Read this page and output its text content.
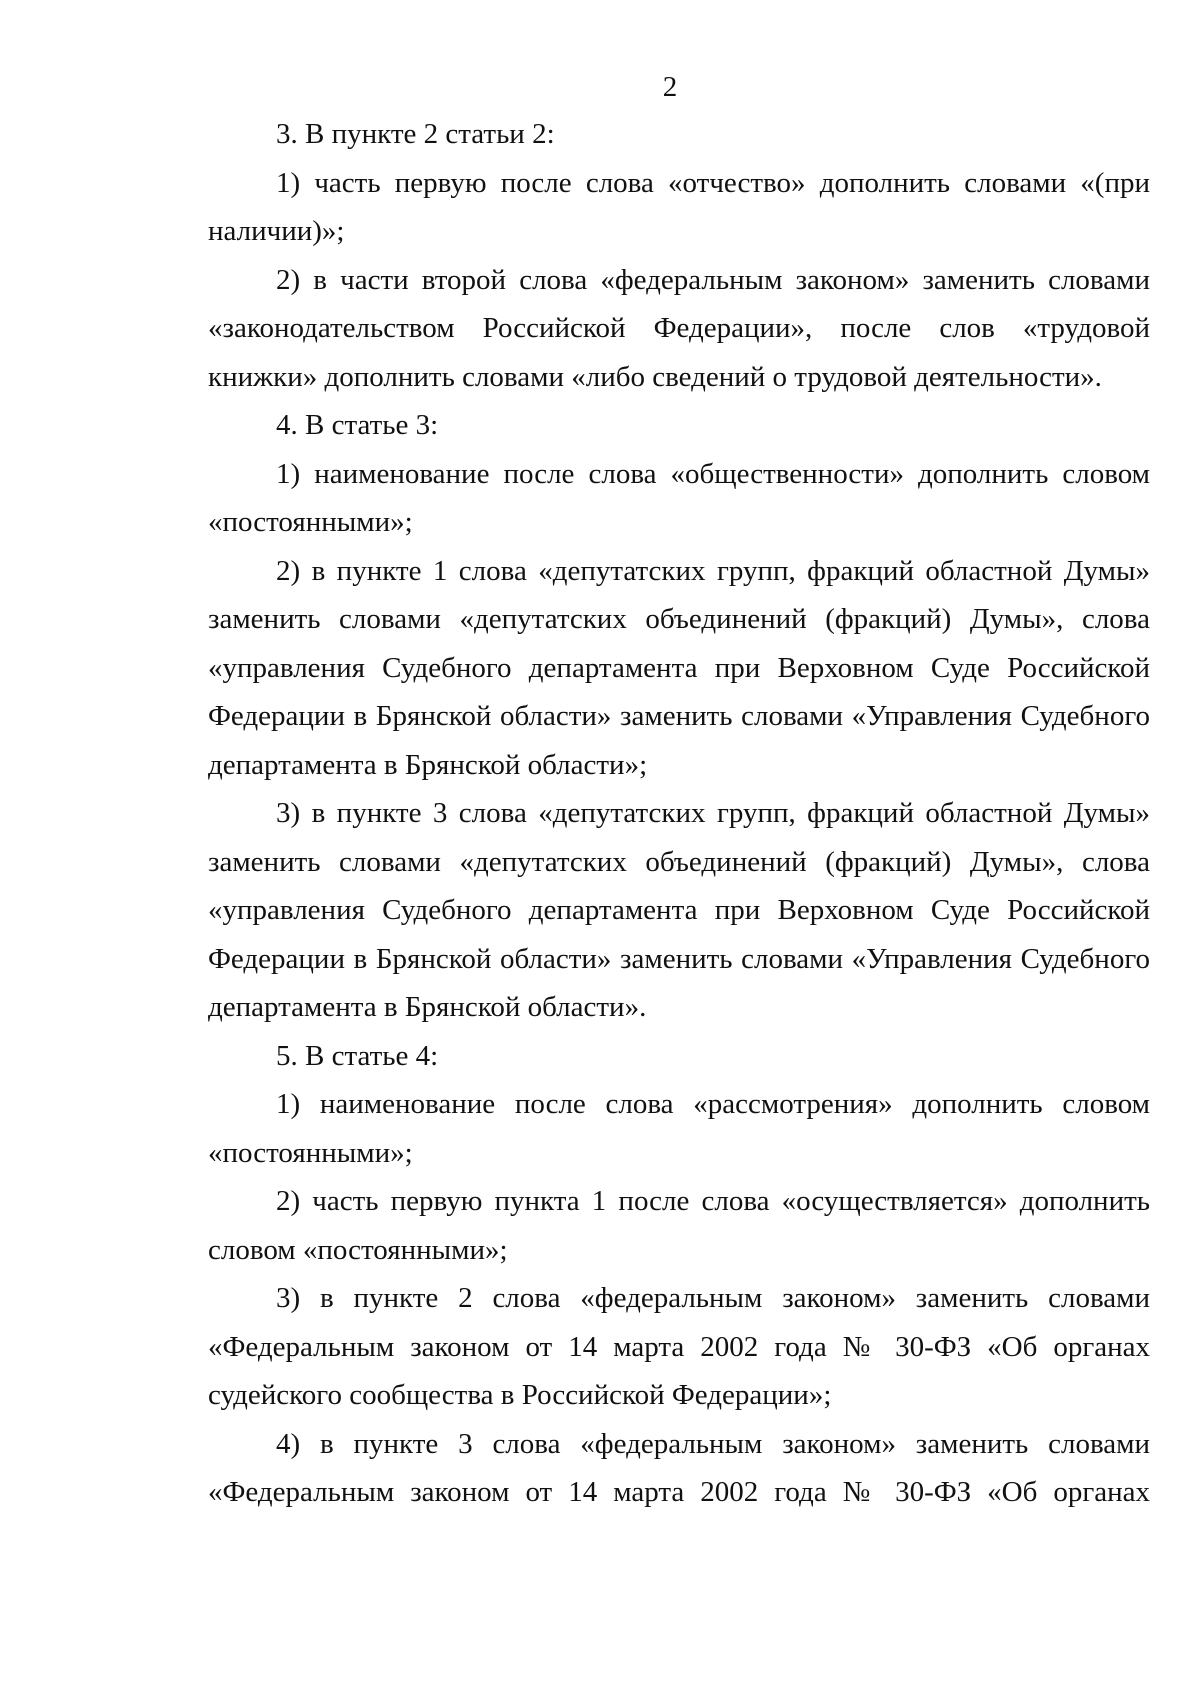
2

3. В пункте 2 статьи 2:

1) часть первую после слова «отчество» дополнить словами «(при наличии)»;

2) в части второй слова «федеральным законом» заменить словами «законодательством Российской Федерации», после слов «трудовой книжки» дополнить словами «либо сведений о трудовой деятельности».

4. В статье 3:

1) наименование после слова «общественности» дополнить словом «постоянными»;

2) в пункте 1 слова «депутатских групп, фракций областной Думы» заменить словами «депутатских объединений (фракций) Думы», слова «управления Судебного департамента при Верховном Суде Российской Федерации в Брянской области» заменить словами «Управления Судебного департамента в Брянской области»;

3) в пункте 3 слова «депутатских групп, фракций областной Думы» заменить словами «депутатских объединений (фракций) Думы», слова «управления Судебного департамента при Верховном Суде Российской Федерации в Брянской области» заменить словами «Управления Судебного департамента в Брянской области».

5. В статье 4:

1) наименование после слова «рассмотрения» дополнить словом «постоянными»;

2) часть первую пункта 1 после слова «осуществляется» дополнить словом «постоянными»;

3) в пункте 2 слова «федеральным законом» заменить словами «Федеральным законом от 14 марта 2002 года № 30-ФЗ «Об органах судейского сообщества в Российской Федерации»;

4) в пункте 3 слова «федеральным законом» заменить словами «Федеральным законом от 14 марта 2002 года № 30-ФЗ «Об органах
